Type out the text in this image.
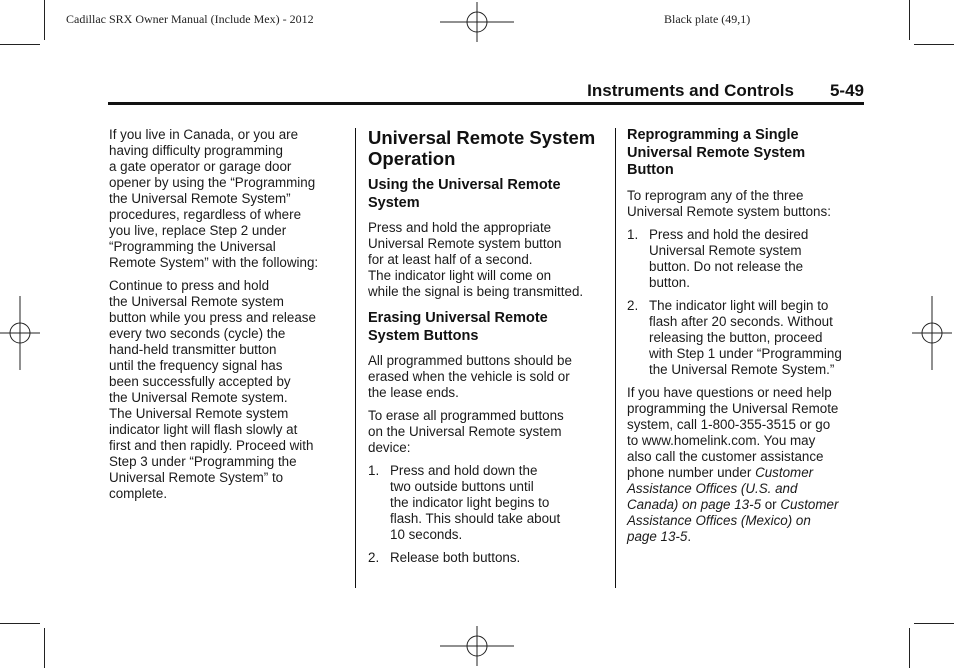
Cadillac SRX Owner Manual (Include Mex) - 2012	Black plate (49,1)
Instruments and Controls 5-49

If you live in Canada, or you are
having difficulty programming
a gate operator or garage door
opener by using the “Programming
the Universal Remote System”
procedures, regardless of where
you live, replace Step 2 under
“Programming the Universal
Remote System” with the following:

Continue to press and hold
the Universal Remote system
button while you press and release
every two seconds (cycle) the
hand-held transmitter button
until the frequency signal has
been successfully accepted by
the Universal Remote system.
The Universal Remote system
indicator light will flash slowly at
first and then rapidly. Proceed with
Step 3 under “Programming the
Universal Remote System” to
complete.

Universal Remote System
Operation
Using the Universal Remote
System

Press and hold the appropriate
Universal Remote system button
for at least half of a second.
The indicator light will come on
while the signal is being transmitted.

Erasing Universal Remote
System Buttons

All programmed buttons should be
erased when the vehicle is sold or
the lease ends.

To erase all programmed buttons
on the Universal Remote system
device:

1. Press and hold down the
two outside buttons until
the indicator light begins to
flash. This should take about
10 seconds.
2. Release both buttons.
Reprogramming a Single
Universal Remote System
Button

To reprogram any of the three
Universal Remote system buttons:

1. Press and hold the desired
Universal Remote system
button. Do not release the
button.
2. The indicator light will begin to
flash after 20 seconds. Without
releasing the button, proceed
with Step 1 under “Programming
the Universal Remote System.”

If you have questions or need help
programming the Universal Remote
system, call 1-800-355-3515 or go
to www.homelink.com. You may
also call the customer assistance
phone number under Customer
Assistance Offices (U.S. and
Canada) on page 13-5 or Customer
Assistance Offices (Mexico) on
page 13-5.
